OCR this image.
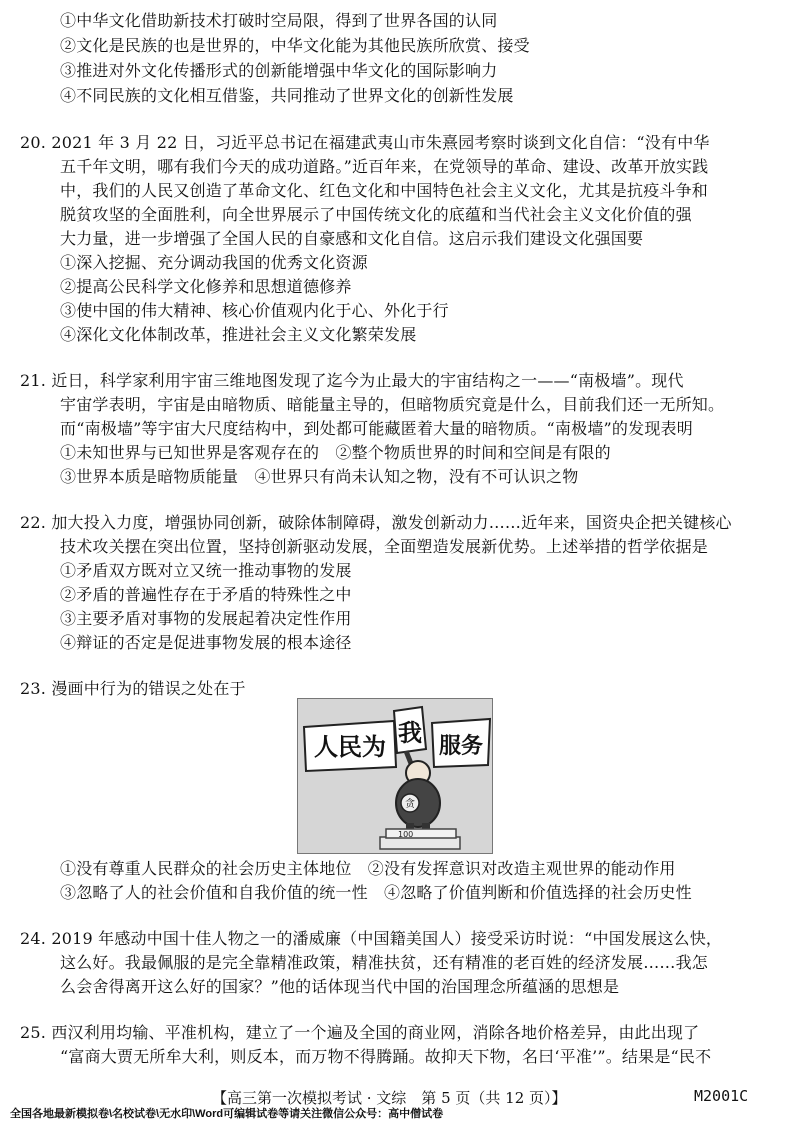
①中华文化借助新技术打破时空局限，得到了世界各国的认同
②文化是民族的也是世界的，中华文化能为其他民族所欣赏、接受
③推进对外文化传播形式的创新能增强中华文化的国际影响力
④不同民族的文化相互借鉴，共同推动了世界文化的创新性发展
20. 2021 年 3 月 22 日，习近平总书记在福建武夷山市朱熹园考察时谈到文化自信：“没有中华
五千年文明，哪有我们今天的成功道路。”近百年来，在党领导的革命、建设、改革开放实践
中，我们的人民又创造了革命文化、红色文化和中国特色社会主义文化，尤其是抗疫斗争和
脱贫攻坚的全面胜利，向全世界展示了中国传统文化的底蕴和当代社会主义文化价值的强
大力量，进一步增强了全国人民的自豪感和文化自信。这启示我们建设文化强国要
①深入挖掘、充分调动我国的优秀文化资源
②提高公民科学文化修养和思想道德修养
③使中国的伟大精神、核心价值观内化于心、外化于行
④深化文化体制改革，推进社会主义文化繁荣发展
21. 近日，科学家利用宇宙三维地图发现了迄今为止最大的宇宙结构之一——“南极墙”。现代
宇宙学表明，宇宙是由暗物质、暗能量主导的，但暗物质究竟是什么，目前我们还一无所知。
而“南极墙”等宇宙大尺度结构中，到处都可能藏匿着大量的暗物质。“南极墙”的发现表明
①未知世界与已知世界是客观存在的　②整个物质世界的时间和空间是有限的
③世界本质是暗物质能量　④世界只有尚未认知之物，没有不可认识之物
22. 加大投入力度，增强协同创新，破除体制障碍，激发创新动力……近年来，国资央企把关键核心
技术攻关摆在突出位置，坚持创新驱动发展，全面塑造发展新优势。上述举措的哲学依据是
①矛盾双方既对立又统一推动事物的发展
②矛盾的普遍性存在于矛盾的特殊性之中
③主要矛盾对事物的发展起着决定性作用
④辩证的否定是促进事物发展的根本途径
23. 漫画中行为的错误之处在于
人民为 我 服务
贪
100
①没有尊重人民群众的社会历史主体地位　②没有发挥意识对改造主观世界的能动作用
③忽略了人的社会价值和自我价值的统一性　④忽略了价值判断和价值选择的社会历史性
24. 2019 年感动中国十佳人物之一的潘威廉（中国籍美国人）接受采访时说：“中国发展这么快，
这么好。我最佩服的是完全靠精准政策，精准扶贫，还有精准的老百姓的经济发展……我怎
么会舍得离开这么好的国家？”他的话体现当代中国的治国理念所蕴涵的思想是
25. 西汉利用均输、平准机构，建立了一个遍及全国的商业网，消除各地价格差异，由此出现了
“富商大贾无所牟大利，则反本，而万物不得腾踊。故抑天下物，名曰‘平准’”。结果是“民不
【高三第一次模拟考试 · 文综　第 5 页（共 12 页）】	M2001C
全国各地最新模拟卷\名校试卷\无水印\Word可编辑试卷等请关注微信公众号：高中僧试卷
